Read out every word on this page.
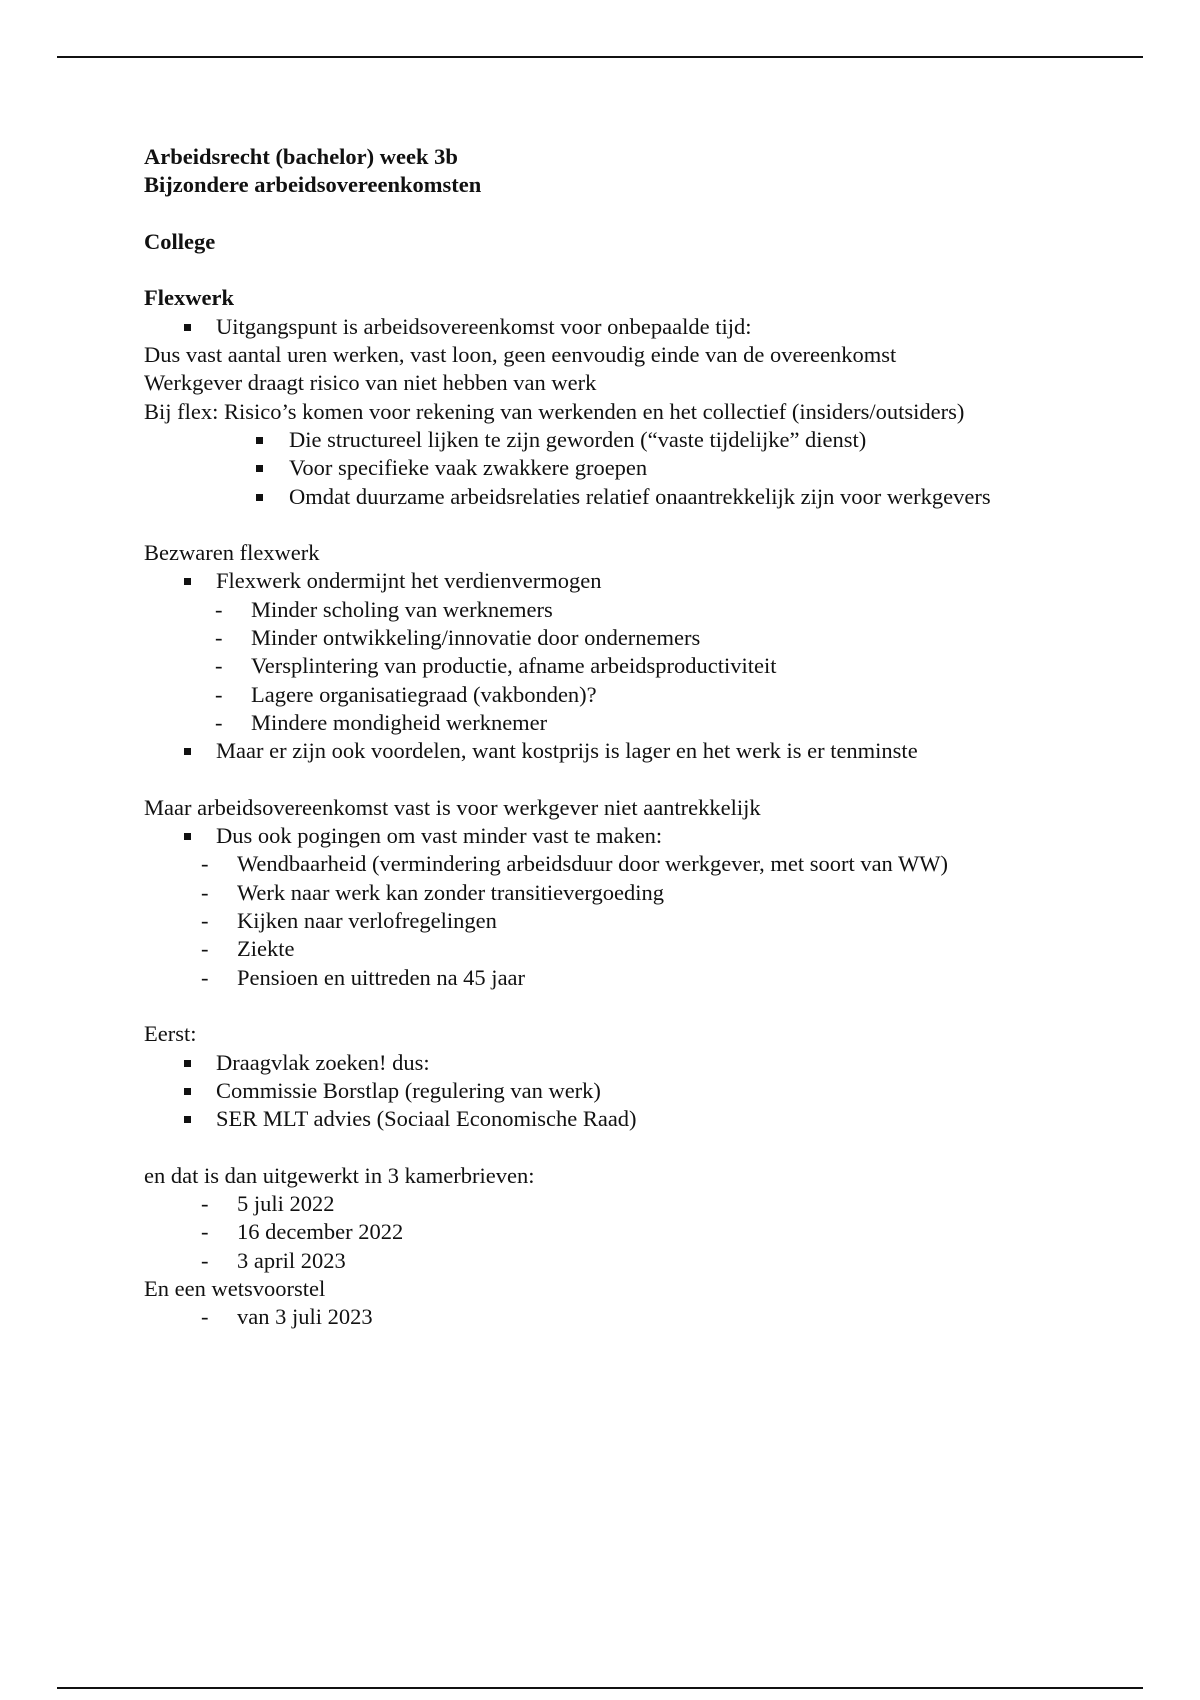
Arbeidsrecht (bachelor) week 3b
Bijzondere arbeidsovereenkomsten
College
Flexwerk
Uitgangspunt is arbeidsovereenkomst voor onbepaalde tijd:
Dus vast aantal uren werken, vast loon, geen eenvoudig einde van de overeenkomst
Werkgever draagt risico van niet hebben van werk
Bij flex: Risico’s komen voor rekening van werkenden en het collectief (insiders/outsiders)
Die structureel lijken te zijn geworden (“vaste tijdelijke” dienst)
Voor specifieke vaak zwakkere groepen
Omdat duurzame arbeidsrelaties relatief onaantrekkelijk zijn voor werkgevers
Bezwaren flexwerk
Flexwerk ondermijnt het verdienvermogen
- Minder scholing van werknemers
- Minder ontwikkeling/innovatie door ondernemers
- Versplintering van productie, afname arbeidsproductiviteit
- Lagere organisatiegraad (vakbonden)?
- Mindere mondigheid werknemer
Maar er zijn ook voordelen, want kostprijs is lager en het werk is er tenminste
Maar arbeidsovereenkomst vast is voor werkgever niet aantrekkelijk
Dus ook pogingen om vast minder vast te maken:
- Wendbaarheid (vermindering arbeidsduur door werkgever, met soort van WW)
- Werk naar werk kan zonder transitievergoeding
- Kijken naar verlofregelingen
- Ziekte
- Pensioen en uittreden na 45 jaar
Eerst:
Draagvlak zoeken! dus:
Commissie Borstlap (regulering van werk)
SER MLT advies (Sociaal Economische Raad)
en dat is dan uitgewerkt in 3 kamerbrieven:
- 5 juli 2022
- 16 december 2022
- 3 april 2023
En een wetsvoorstel
- van 3 juli 2023
